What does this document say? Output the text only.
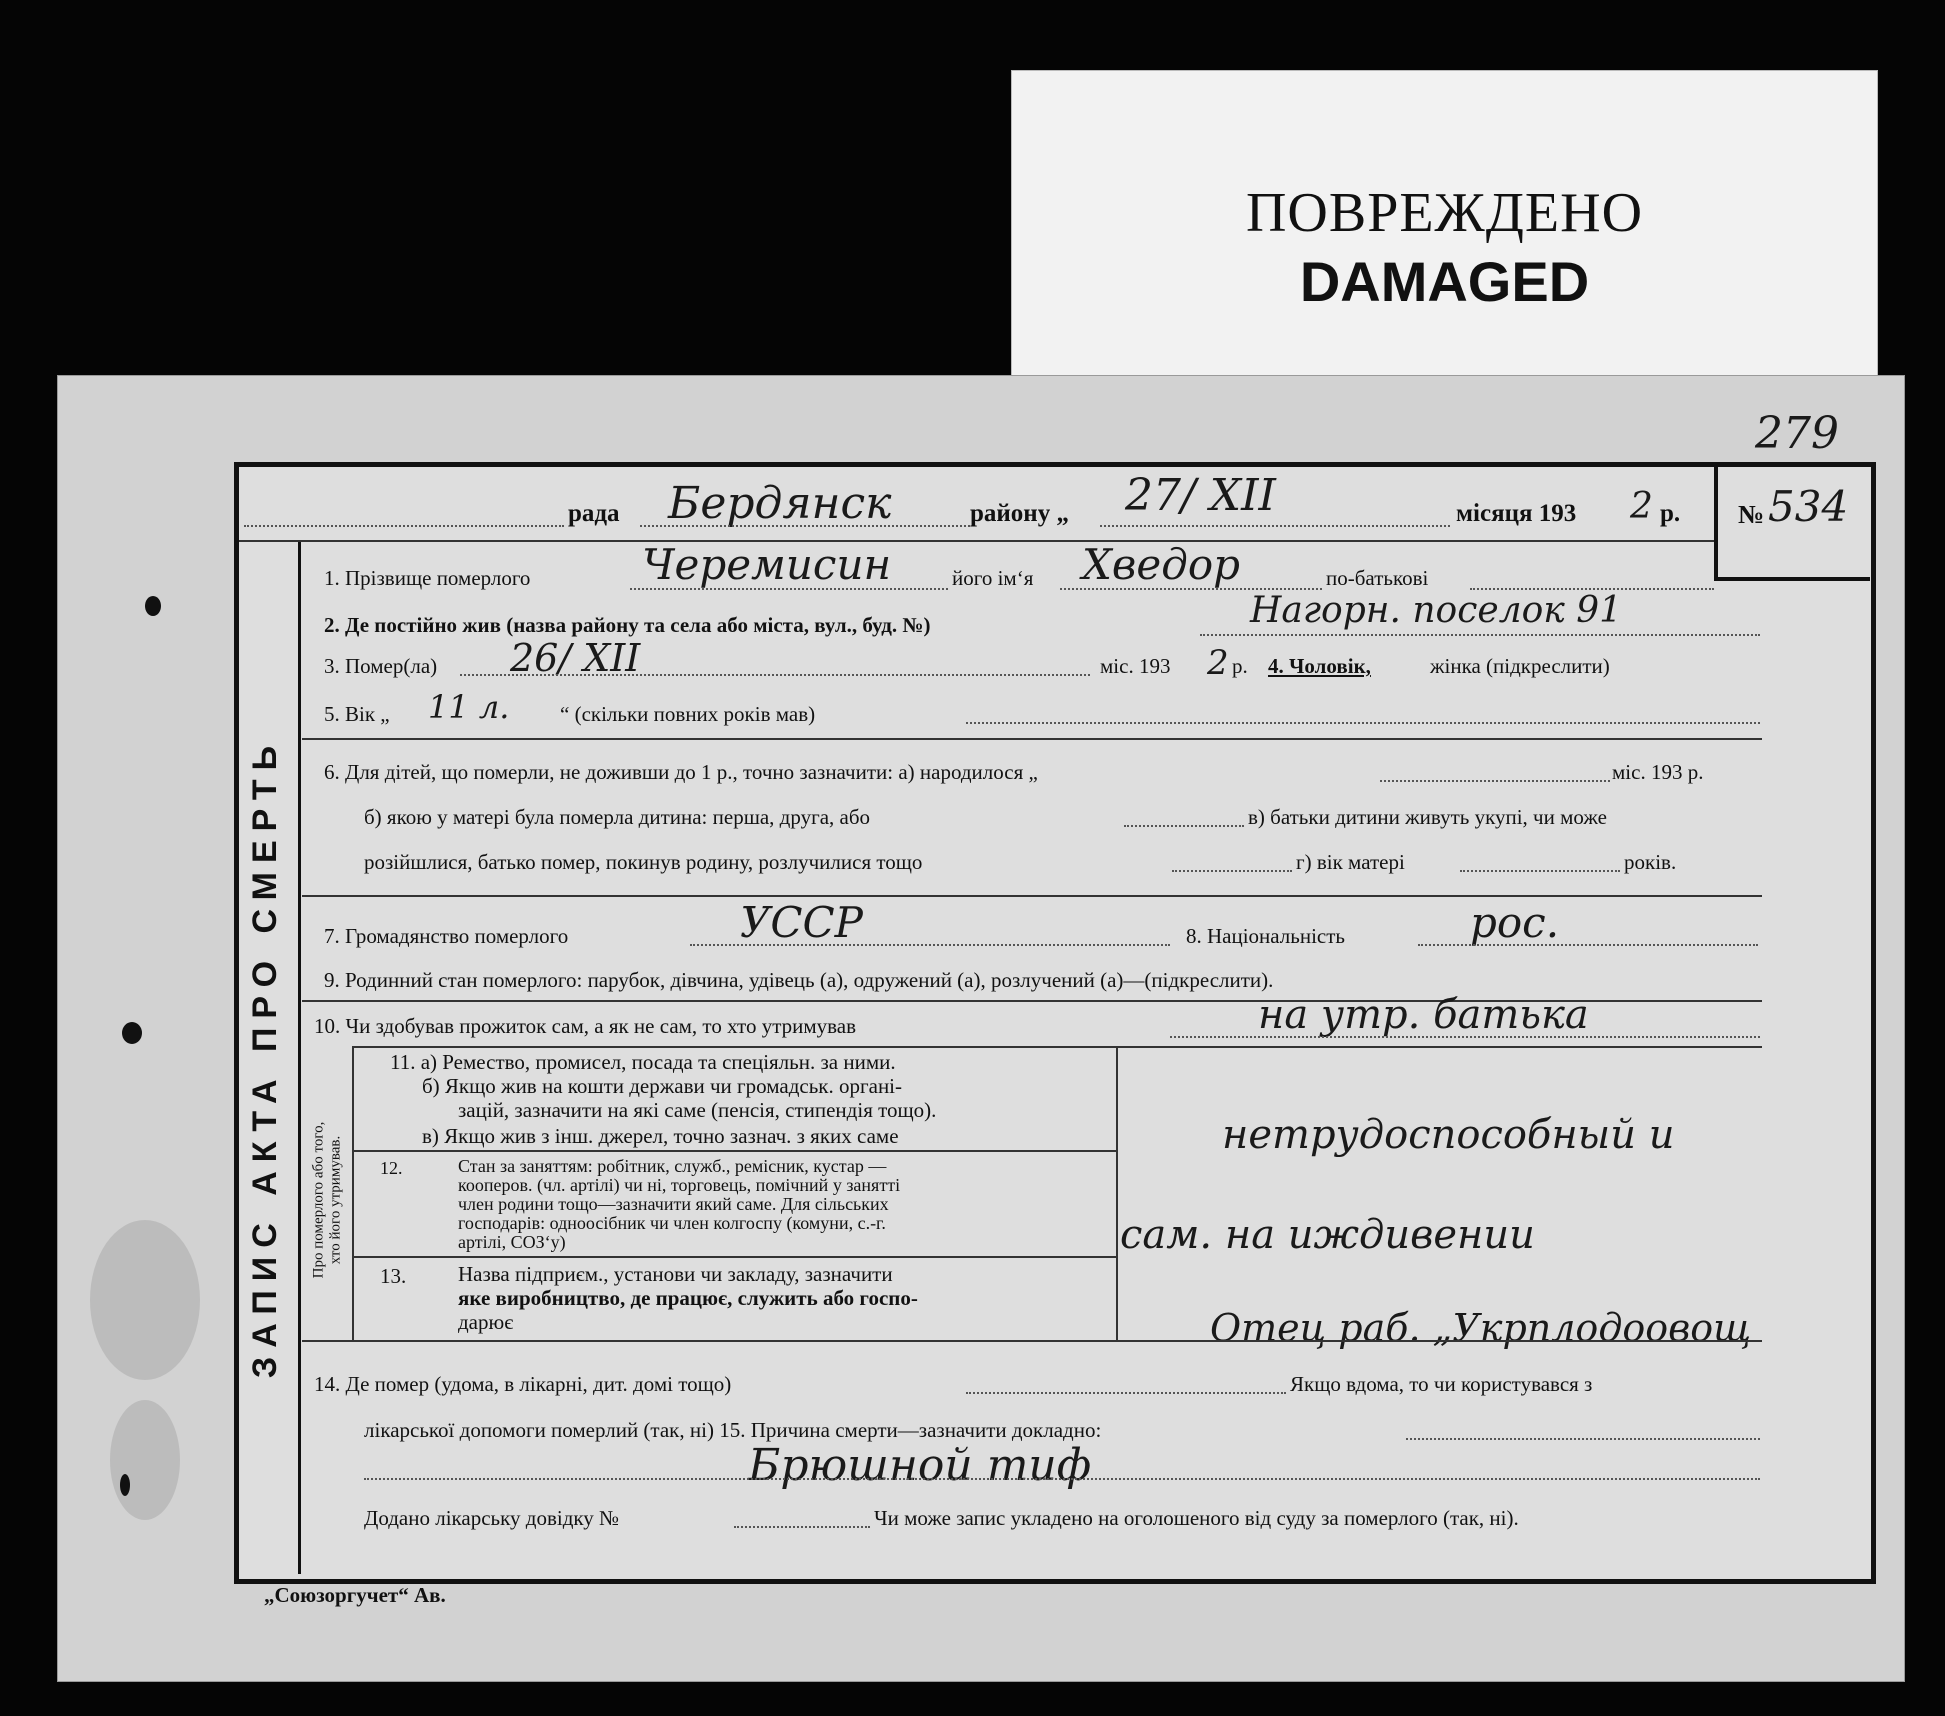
ПОВРЕЖДЕНО
DAMAGED
279
ЗАПИС АКТА ПРО СМЕРТЬ
№ 534
рада Бердянск	району „ 27/ XII	місяця 193 2 р.
1. Прізвище померлого	Черемисин	його ім‘я Хведор	по-батькові
2. Де постійно жив (назва району та села або міста, вул., буд. №)	Нагорн. поселок 91
3. Помер(ла) 26/ XII	міс. 193 2 р. 4. Чоловік,	жінка (підкреслити)
5. Вік „ 11 л. “ (скільки повних років мав)
6. Для дітей, що померли, не доживши до 1 р., точно зазначити: а) народилося „	міс. 193 р.
б) якою у матері була померла дитина: перша, друга, або	в) батьки дитини живуть укупі, чи може
розійшлися, батько помер, покинув родину, розлучилися тощо	г) вік матері	років.
7. Громадянство померлого	УССР	8. Національність	рос.
9. Родинний стан померлого: парубок, дівчина, удівець (а), одружений (а), розлучений (а)—(підкреслити).
10. Чи здобував прожиток сам, а як не сам, то хто утримував	на утр. батька
Про померлого або того,
хто його утримував.
11. а) Ремество, промисел, посада та спеціяльн. за ними.
б) Якщо жив на кошти держави чи громадськ. органі-
зацій, зазначити на які саме (пенсія, стипендія тощо).
в) Якщо жив з інш. джерел, точно зазнач. з яких саме	нетрудоспособный и
12.	Стан за заняттям: робітник, служб., ремісник, кустар —
кооперов. (чл. артілі) чи ні, торговець, помічний у занятті
член родини тощо—зазначити який саме. Для сільських
господарів: одноосібник чи член колгоспу (комуни, с.-г.
артілі, СОЗ‘у)	сам. на иждивении
13. Назва підприєм., установи чи закладу, зазначити
яке виробництво, де працює, служить або госпо-
дарює	Отец раб. „Укрплодоовощ
14. Де помер (удома, в лікарні, дит. домі тощо)	Якщо вдома, то чи користувався з
лікарської допомоги померлий (так, ні) 15. Причина смерти—зазначити докладно:
Брюшной тиф
Додано лікарську довідку №	Чи може запис укладено на оголошеного від суду за померлого (так, ні).
„Союзоргучет“ Ав.
